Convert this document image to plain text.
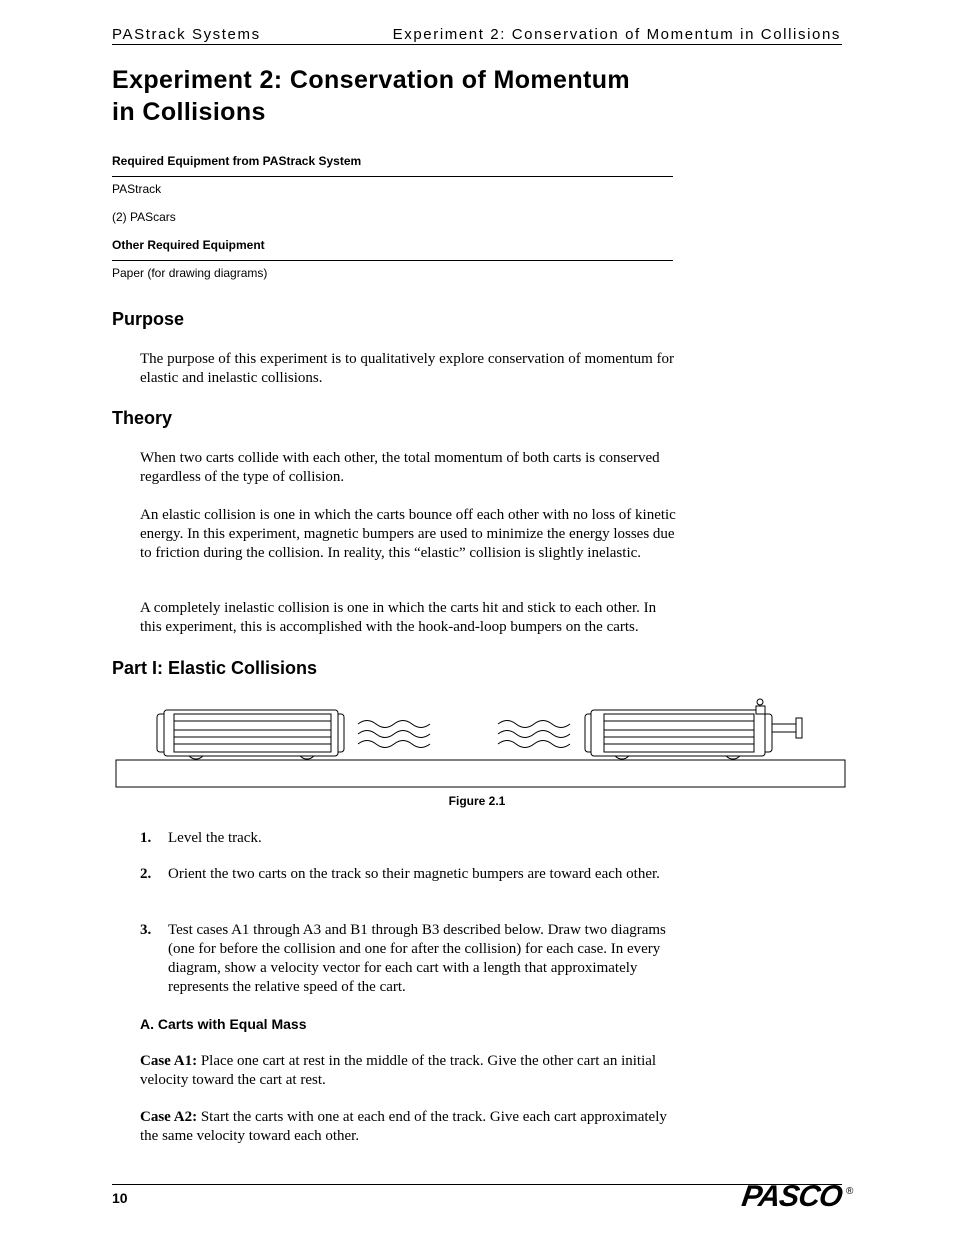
PAStrack Systems	Experiment 2: Conservation of Momentum in Collisions
Experiment 2: Conservation of Momentum
in Collisions
Required Equipment from PAStrack System
PAStrack
(2) PAScars
Other Required Equipment
Paper (for drawing diagrams)
Purpose

The purpose of this experiment is to qualitatively explore conservation of momentum for elastic and inelastic collisions.

Theory

When two carts collide with each other, the total momentum of both carts is conserved regardless of the type of collision.

An elastic collision is one in which the carts bounce off each other with no loss of kinetic energy. In this experiment, magnetic bumpers are used to minimize the energy losses due to friction during the collision. In reality, this “elastic” collision is slightly inelastic.

A completely inelastic collision is one in which the carts hit and stick to each other. In this experiment, this is accomplished with the hook-and-loop bumpers on the carts.

Part I: Elastic Collisions
Figure 2.1
1. Level the track.
2. Orient the two carts on the track so their magnetic bumpers are toward each other.
3. Test cases A1 through A3 and B1 through B3 described below. Draw two diagrams (one for before the collision and one for after the collision) for each case. In every diagram, show a velocity vector for each cart with a length that approximately represents the relative speed of the cart.
A. Carts with Equal Mass
Case A1: Place one cart at rest in the middle of the track. Give the other cart an initial velocity toward the cart at rest.
Case A2: Start the carts with one at each end of the track. Give each cart approximately the same velocity toward each other.
10	PASCO ®
